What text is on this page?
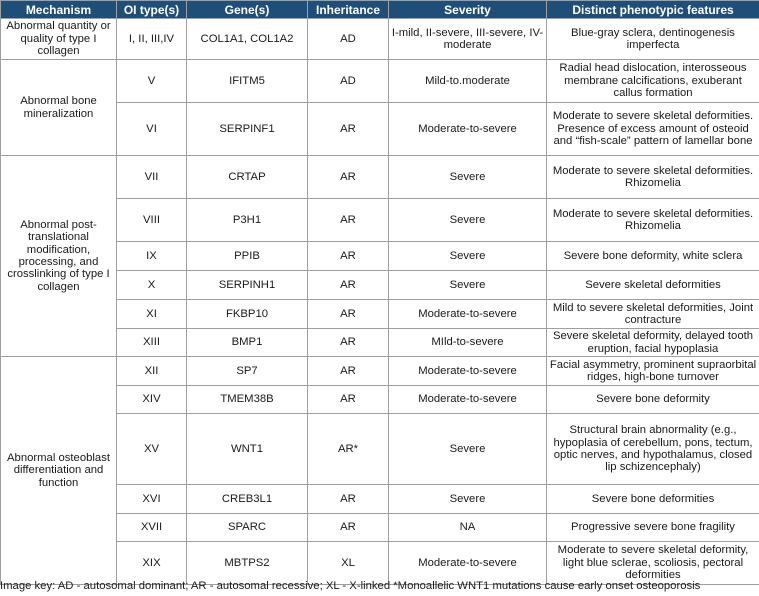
Mechanism	OI type(s)	Gene(s)	Inheritance	Severity	Distinct phenotypic features
Abnormal quantity or quality of type I collagen	I, II, III,IV	COL1A1, COL1A2	AD	I-mild, II-severe, III-severe, IV-moderate	Blue-gray sclera, dentinogenesis imperfecta
Abnormal bone mineralization	V	IFITM5	AD	Mild-to.moderate	Radial head dislocation, interosseous membrane calcifications, exuberant callus formation
	VI	SERPINF1	AR	Moderate-to-severe	Moderate to severe skeletal deformities. Presence of excess amount of osteoid and “fish-scale” pattern of lamellar bone
Abnormal post-translational modification, processing, and crosslinking of type I collagen	VII	CRTAP	AR	Severe	Moderate to severe skeletal deformities. Rhizomelia
	VIII	P3H1	AR	Severe	Moderate to severe skeletal deformities. Rhizomelia
	IX	PPIB	AR	Severe	Severe bone deformity, white sclera
	X	SERPINH1	AR	Severe	Severe skeletal deformities
	XI	FKBP10	AR	Moderate-to-severe	Mild to severe skeletal deformities, Joint contracture
	XIII	BMP1	AR	MIld-to-severe	Severe skeletal deformity, delayed tooth eruption, facial hypoplasia
Abnormal osteoblast differentiation and function	XII	SP7	AR	Moderate-to-severe	Facial asymmetry, prominent supraorbital ridges, high-bone turnover
	XIV	TMEM38B	AR	Moderate-to-severe	Severe bone deformity
	XV	WNT1	AR*	Severe	Structural brain abnormality (e.g., hypoplasia of cerebellum, pons, tectum, optic nerves, and hypothalamus, closed lip schizencephaly)
	XVI	CREB3L1	AR	Severe	Severe bone deformities
	XVII	SPARC	AR	NA	Progressive severe bone fragility
	XIX	MBTPS2	XL	Moderate-to-severe	Moderate to severe skeletal deformity, light blue sclerae, scoliosis, pectoral deformities
Image key: AD - autosomal dominant; AR - autosomal recessive; XL - X-linked *Monoallelic WNT1 mutations cause early onset osteoporosis
